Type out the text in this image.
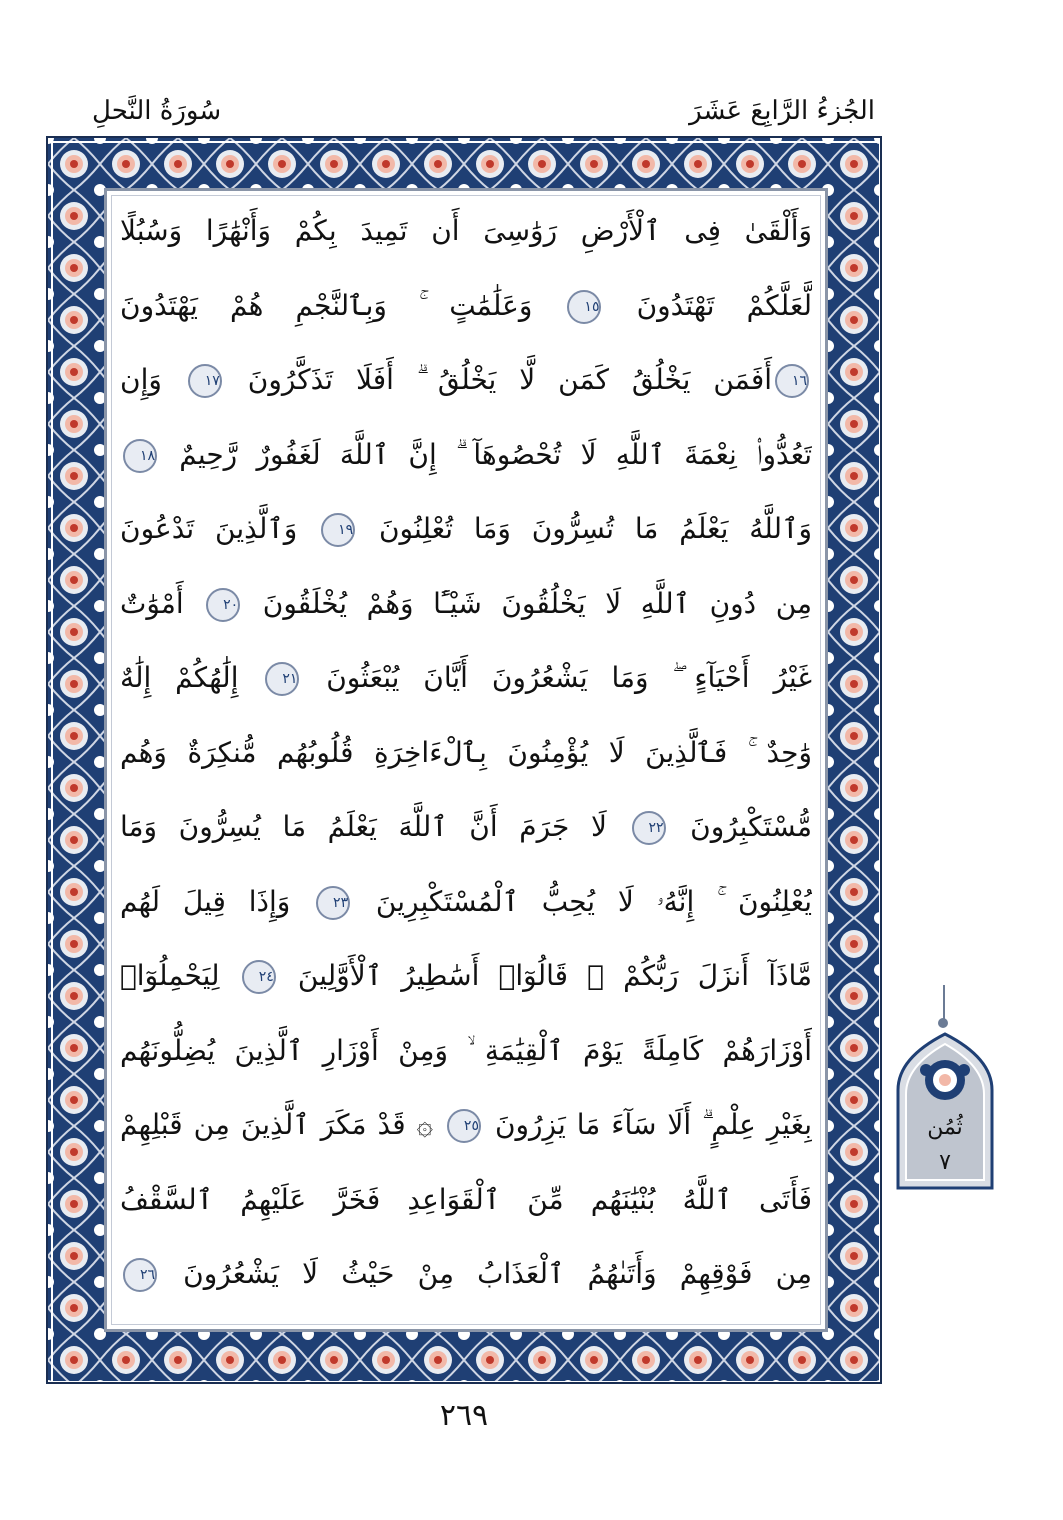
الجُزءُ الرَّابِعَ عَشَرَ
سُورَةُ النَّحلِ
وَأَلْقَىٰ فِى ٱلْأَرْضِ رَوَٰسِىَ أَن تَمِيدَ بِكُمْ وَأَنْهَٰرًا وَسُبُلًا
لَّعَلَّكُمْ تَهْتَدُونَ ١٥ وَعَلَٰمَٰتٍ ۚ وَبِٱلنَّجْمِ هُمْ يَهْتَدُونَ
١٦أَفَمَن يَخْلُقُ كَمَن لَّا يَخْلُقُ ۗ أَفَلَا تَذَكَّرُونَ ١٧ وَإِن
تَعُدُّوا۟ نِعْمَةَ ٱللَّهِ لَا تُحْصُوهَآ ۗ إِنَّ ٱللَّهَ لَغَفُورٌ رَّحِيمٌ ١٨
وَٱللَّهُ يَعْلَمُ مَا تُسِرُّونَ وَمَا تُعْلِنُونَ ١٩ وَٱلَّذِينَ تَدْعُونَ
مِن دُونِ ٱللَّهِ لَا يَخْلُقُونَ شَيْـًٔا وَهُمْ يُخْلَقُونَ ٢٠ أَمْوَٰتٌ
غَيْرُ أَحْيَآءٍ ۖ وَمَا يَشْعُرُونَ أَيَّانَ يُبْعَثُونَ ٢١ إِلَٰهُكُمْ إِلَٰهٌ
وَٰحِدٌ ۚ فَٱلَّذِينَ لَا يُؤْمِنُونَ بِٱلْءَاخِرَةِ قُلُوبُهُم مُّنكِرَةٌ وَهُم
مُّسْتَكْبِرُونَ ٢٢ لَا جَرَمَ أَنَّ ٱللَّهَ يَعْلَمُ مَا يُسِرُّونَ وَمَا
يُعْلِنُونَ ۚ إِنَّهُۥ لَا يُحِبُّ ٱلْمُسْتَكْبِرِينَ ٢٣ وَإِذَا قِيلَ لَهُم
مَّاذَآ أَنزَلَ رَبُّكُمْ ۙ قَالُوٓا۟ أَسَٰطِيرُ ٱلْأَوَّلِينَ ٢٤ لِيَحْمِلُوٓا۟
أَوْزَارَهُمْ كَامِلَةً يَوْمَ ٱلْقِيَٰمَةِ ۙ وَمِنْ أَوْزَارِ ٱلَّذِينَ يُضِلُّونَهُم
بِغَيْرِ عِلْمٍ ۗ أَلَا سَآءَ مَا يَزِرُونَ ٢٥ ۞ قَدْ مَكَرَ ٱلَّذِينَ مِن قَبْلِهِمْ
فَأَتَى ٱللَّهُ بُنْيَٰنَهُم مِّنَ ٱلْقَوَاعِدِ فَخَرَّ عَلَيْهِمُ ٱلسَّقْفُ
مِن فَوْقِهِمْ وَأَتَىٰهُمُ ٱلْعَذَابُ مِنْ حَيْثُ لَا يَشْعُرُونَ ٢٦
٢٦٩
ثُمُن
٧
